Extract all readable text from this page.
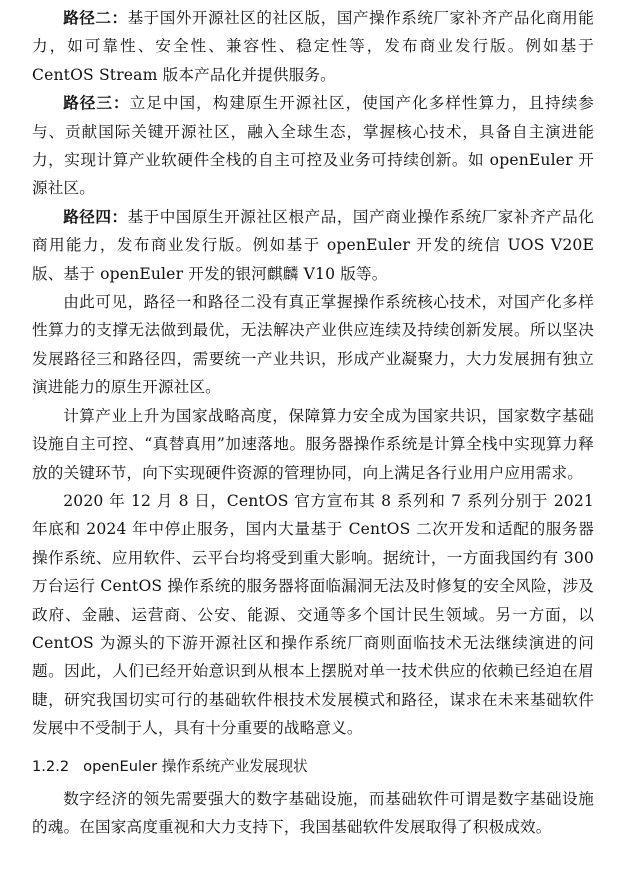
路径二：基于国外开源社区的社区版，国产操作系统厂家补齐产品化商用能力，如可靠性、安全性、兼容性、稳定性等，发布商业发行版。例如基于 CentOS Stream 版本产品化并提供服务。

路径三：立足中国，构建原生开源社区，使国产化多样性算力，且持续参与、贡献国际关键开源社区，融入全球生态，掌握核心技术，具备自主演进能力，实现计算产业软硬件全栈的自主可控及业务可持续创新。如 openEuler 开源社区。

路径四：基于中国原生开源社区根产品，国产商业操作系统厂家补齐产品化商用能力，发布商业发行版。例如基于 openEuler 开发的统信 UOS V20E 版、基于 openEuler 开发的银河麒麟 V10 版等。

由此可见，路径一和路径二没有真正掌握操作系统核心技术，对国产化多样性算力的支撑无法做到最优，无法解决产业供应连续及持续创新发展。所以坚决发展路径三和路径四，需要统一产业共识，形成产业凝聚力，大力发展拥有独立演进能力的原生开源社区。

计算产业上升为国家战略高度，保障算力安全成为国家共识，国家数字基础设施自主可控、“真替真用”加速落地。服务器操作系统是计算全栈中实现算力释放的关键环节，向下实现硬件资源的管理协同，向上满足各行业用户应用需求。

2020 年 12 月 8 日，CentOS 官方宣布其 8 系列和 7 系列分别于 2021 年底和 2024 年中停止服务，国内大量基于 CentOS 二次开发和适配的服务器操作系统、应用软件、云平台均将受到重大影响。据统计，一方面我国约有 300 万台运行 CentOS 操作系统的服务器将面临漏洞无法及时修复的安全风险，涉及政府、金融、运营商、公安、能源、交通等多个国计民生领域。另一方面，以 CentOS 为源头的下游开源社区和操作系统厂商则面临技术无法继续演进的问题。因此，人们已经开始意识到从根本上摆脱对单一技术供应的依赖已经迫在眉睫，研究我国切实可行的基础软件根技术发展模式和路径，谋求在未来基础软件发展中不受制于人，具有十分重要的战略意义。

1.2.2 openEuler 操作系统产业发展现状

数字经济的领先需要强大的数字基础设施，而基础软件可谓是数字基础设施的魂。在国家高度重视和大力支持下，我国基础软件发展取得了积极成效。
